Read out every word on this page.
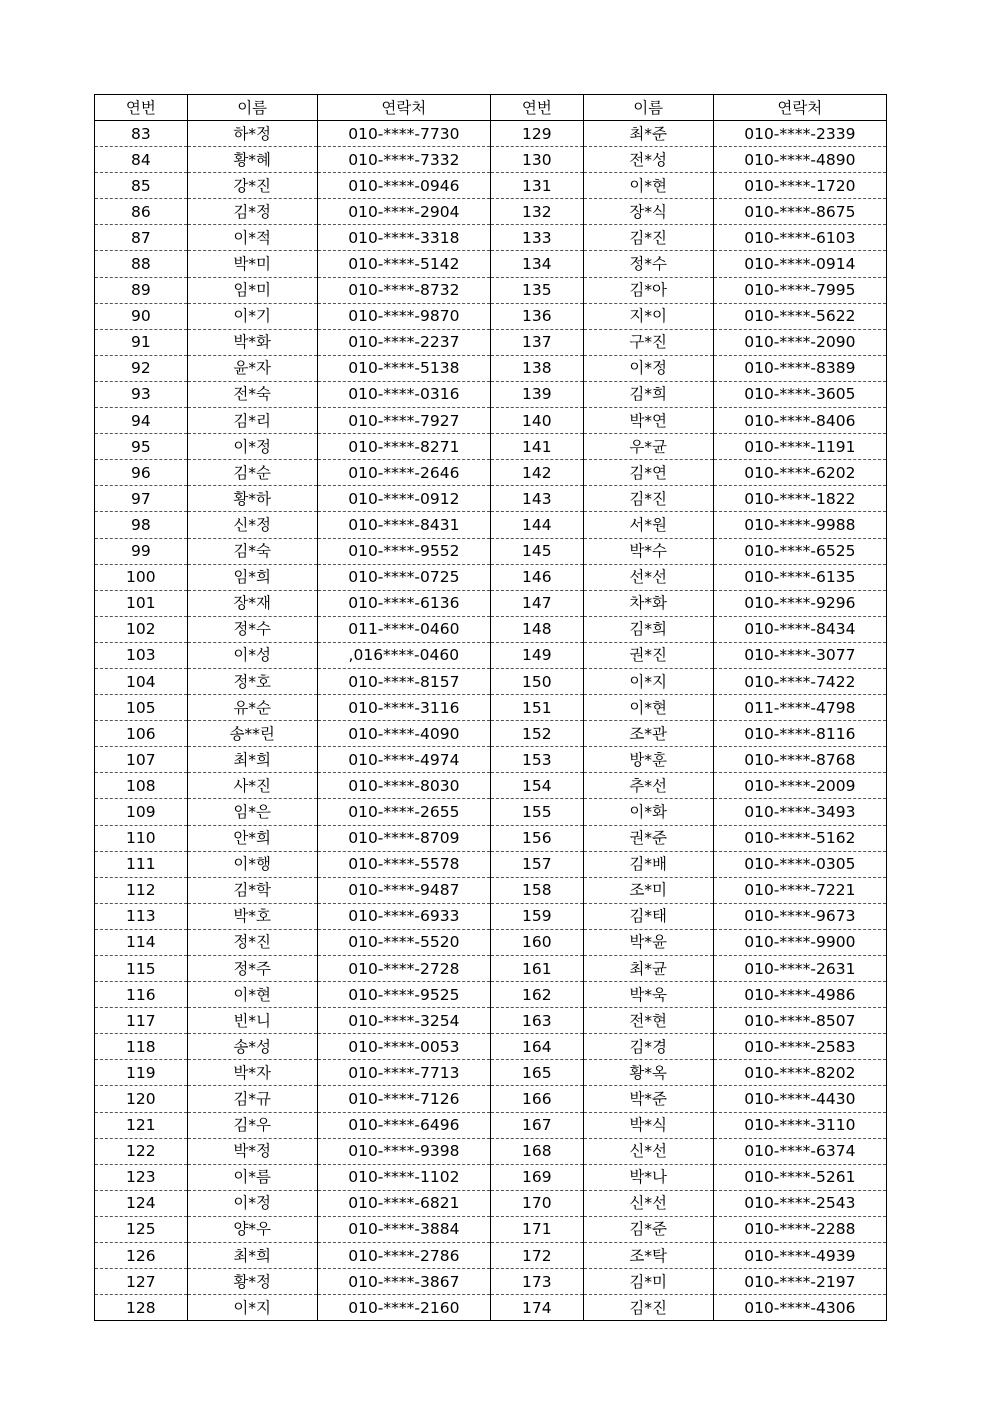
연번	이름	연락처	연번	이름	연락처
83	하*정	010-****-7730	129	최*준	010-****-2339
84	황*혜	010-****-7332	130	전*성	010-****-4890
85	강*진	010-****-0946	131	이*현	010-****-1720
86	김*정	010-****-2904	132	장*식	010-****-8675
87	이*적	010-****-3318	133	김*진	010-****-6103
88	박*미	010-****-5142	134	정*수	010-****-0914
89	임*미	010-****-8732	135	김*아	010-****-7995
90	이*기	010-****-9870	136	지*이	010-****-5622
91	박*화	010-****-2237	137	구*진	010-****-2090
92	윤*자	010-****-5138	138	이*정	010-****-8389
93	전*숙	010-****-0316	139	김*희	010-****-3605
94	김*리	010-****-7927	140	박*연	010-****-8406
95	이*정	010-****-8271	141	우*균	010-****-1191
96	김*순	010-****-2646	142	김*연	010-****-6202
97	황*하	010-****-0912	143	김*진	010-****-1822
98	신*정	010-****-8431	144	서*원	010-****-9988
99	김*숙	010-****-9552	145	박*수	010-****-6525
100	임*희	010-****-0725	146	선*선	010-****-6135
101	장*재	010-****-6136	147	차*화	010-****-9296
102	정*수	011-****-0460	148	김*희	010-****-8434
103	이*성	,016****-0460	149	권*진	010-****-3077
104	정*호	010-****-8157	150	이*지	010-****-7422
105	유*순	010-****-3116	151	이*현	011-****-4798
106	송**린	010-****-4090	152	조*관	010-****-8116
107	최*희	010-****-4974	153	방*훈	010-****-8768
108	사*진	010-****-8030	154	추*선	010-****-2009
109	임*은	010-****-2655	155	이*화	010-****-3493
110	안*희	010-****-8709	156	권*준	010-****-5162
111	이*행	010-****-5578	157	김*배	010-****-0305
112	김*학	010-****-9487	158	조*미	010-****-7221
113	박*호	010-****-6933	159	김*태	010-****-9673
114	정*진	010-****-5520	160	박*윤	010-****-9900
115	정*주	010-****-2728	161	최*균	010-****-2631
116	이*현	010-****-9525	162	박*욱	010-****-4986
117	빈*니	010-****-3254	163	전*현	010-****-8507
118	송*성	010-****-0053	164	김*경	010-****-2583
119	박*자	010-****-7713	165	황*옥	010-****-8202
120	김*규	010-****-7126	166	박*준	010-****-4430
121	김*우	010-****-6496	167	박*식	010-****-3110
122	박*정	010-****-9398	168	신*선	010-****-6374
123	이*름	010-****-1102	169	박*나	010-****-5261
124	이*정	010-****-6821	170	신*선	010-****-2543
125	양*우	010-****-3884	171	김*준	010-****-2288
126	최*희	010-****-2786	172	조*탁	010-****-4939
127	황*정	010-****-3867	173	김*미	010-****-2197
128	이*지	010-****-2160	174	김*진	010-****-4306
